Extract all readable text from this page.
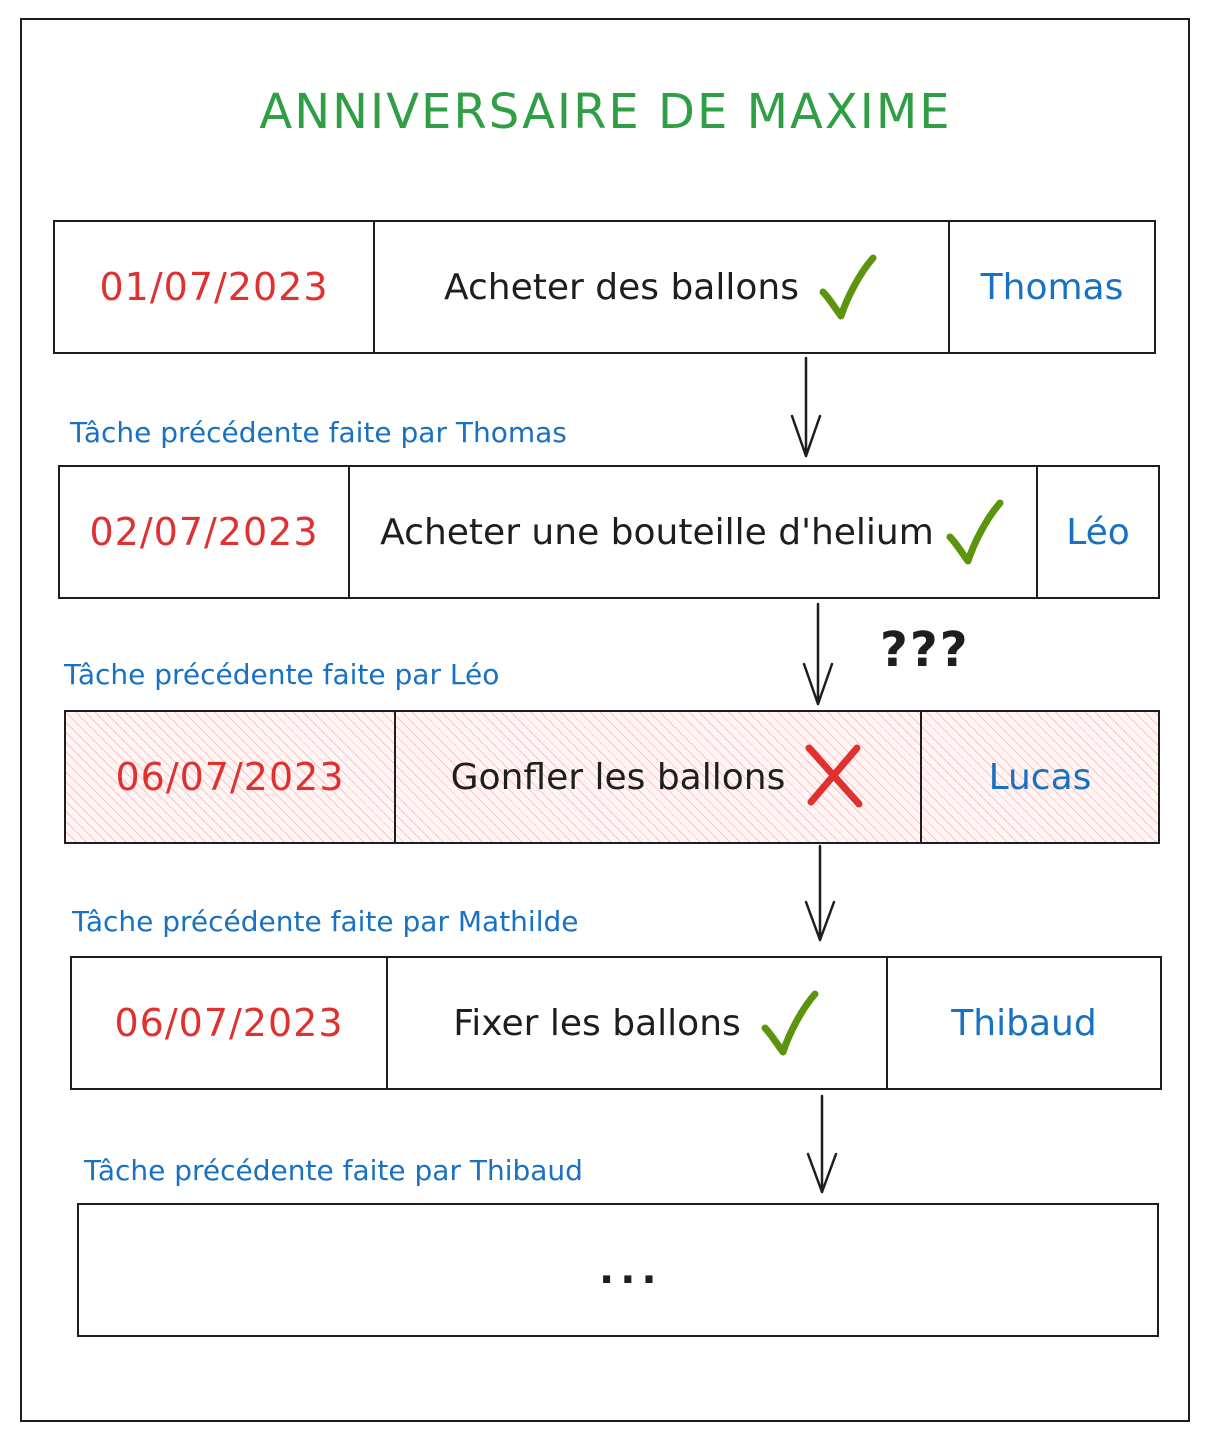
ANNIVERSAIRE DE MAXIME
01/07/2023	Acheter des ballons	Thomas
Tâche précédente faite par Thomas
02/07/2023	Acheter une bouteille d'helium	Léo
???
Tâche précédente faite par Léo
06/07/2023	Gonfler les ballons	Lucas
Tâche précédente faite par Mathilde
06/07/2023	Fixer les ballons	Thibaud
Tâche précédente faite par Thibaud
...
